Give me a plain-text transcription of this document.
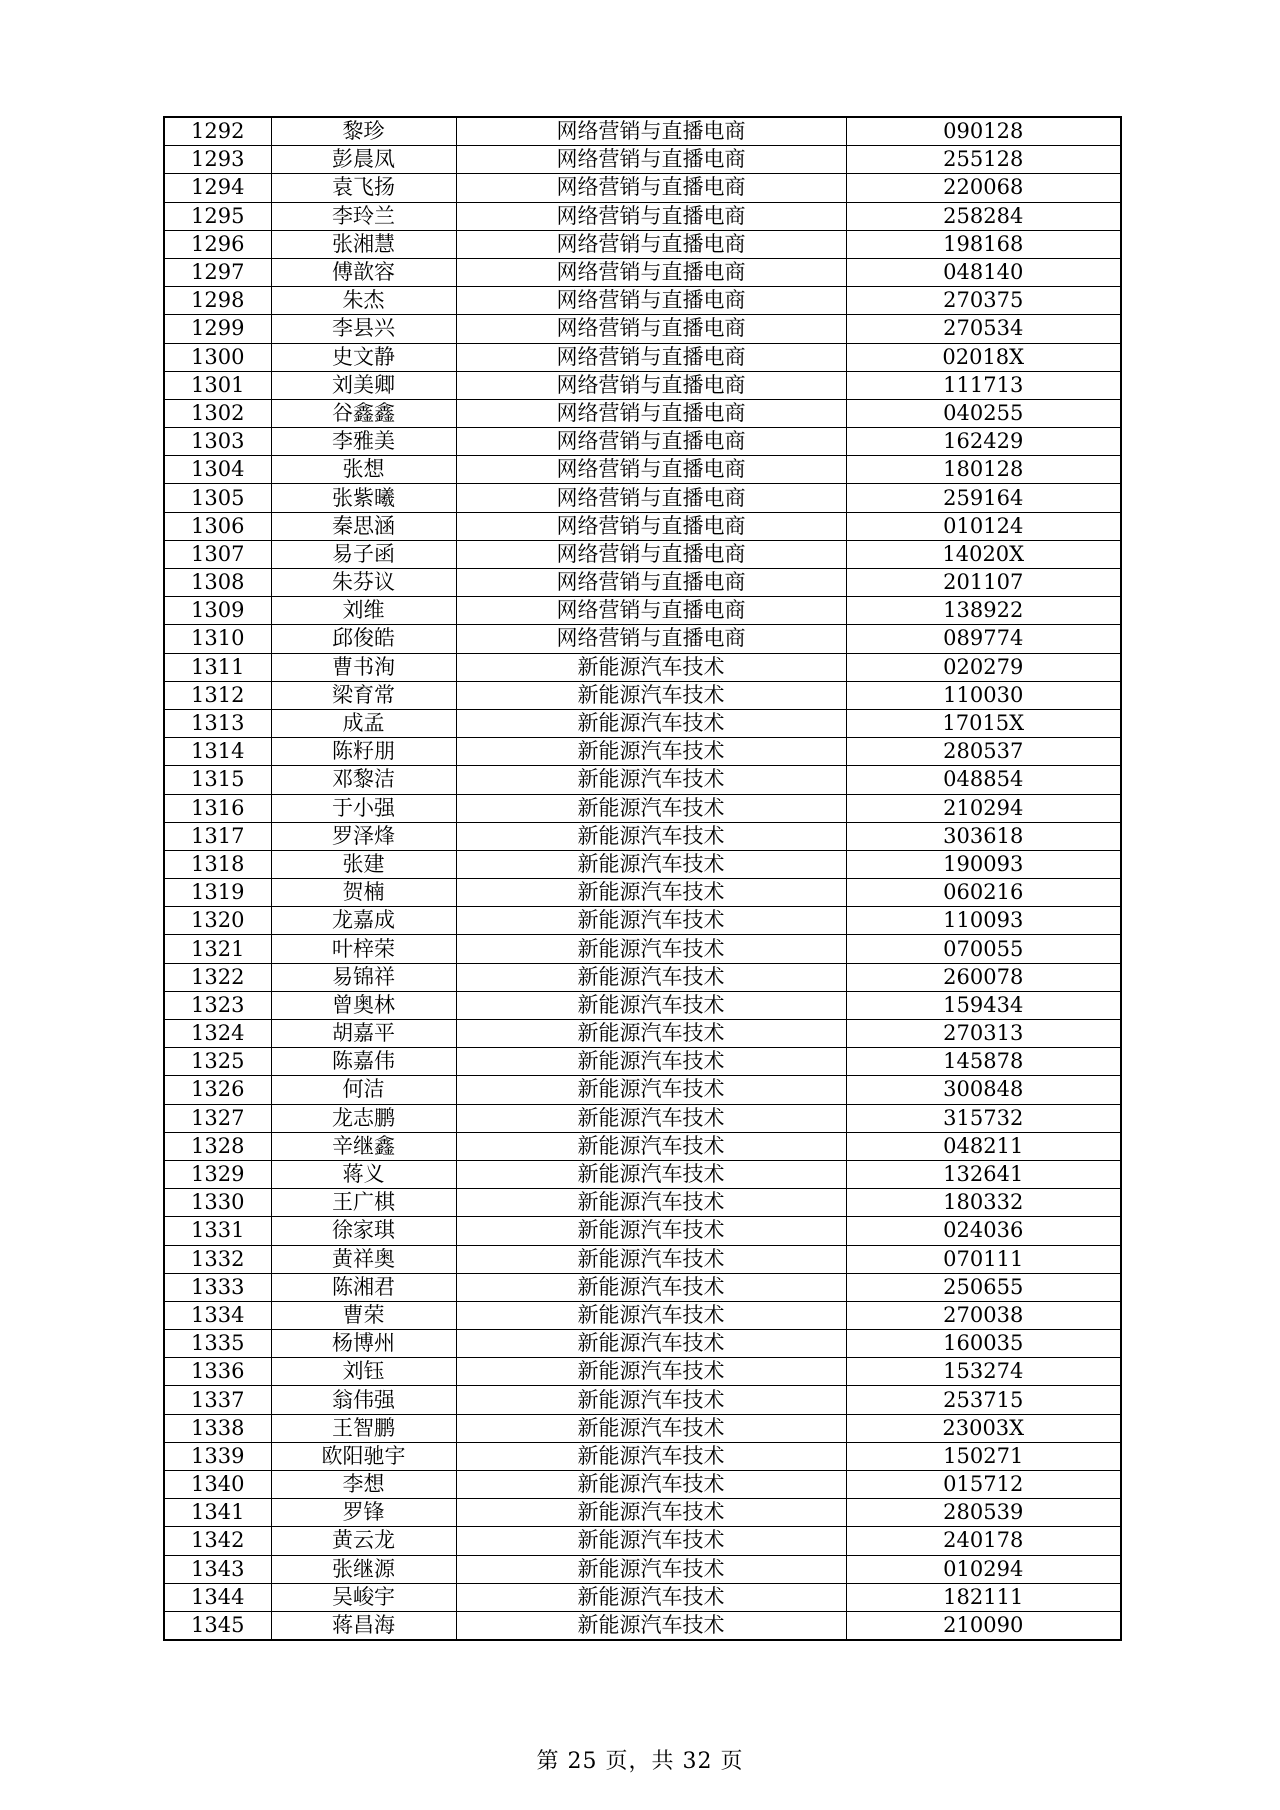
1292	黎珍	网络营销与直播电商	090128
1293	彭晨凤	网络营销与直播电商	255128
1294	袁飞扬	网络营销与直播电商	220068
1295	李玲兰	网络营销与直播电商	258284
1296	张湘慧	网络营销与直播电商	198168
1297	傅歆容	网络营销与直播电商	048140
1298	朱杰	网络营销与直播电商	270375
1299	李县兴	网络营销与直播电商	270534
1300	史文静	网络营销与直播电商	02018X
1301	刘美卿	网络营销与直播电商	111713
1302	谷鑫鑫	网络营销与直播电商	040255
1303	李雅美	网络营销与直播电商	162429
1304	张想	网络营销与直播电商	180128
1305	张紫曦	网络营销与直播电商	259164
1306	秦思涵	网络营销与直播电商	010124
1307	易子函	网络营销与直播电商	14020X
1308	朱芬议	网络营销与直播电商	201107
1309	刘维	网络营销与直播电商	138922
1310	邱俊皓	网络营销与直播电商	089774
1311	曹书洵	新能源汽车技术	020279
1312	梁育常	新能源汽车技术	110030
1313	成孟	新能源汽车技术	17015X
1314	陈籽朋	新能源汽车技术	280537
1315	邓黎洁	新能源汽车技术	048854
1316	于小强	新能源汽车技术	210294
1317	罗泽烽	新能源汽车技术	303618
1318	张建	新能源汽车技术	190093
1319	贺楠	新能源汽车技术	060216
1320	龙嘉成	新能源汽车技术	110093
1321	叶梓荣	新能源汽车技术	070055
1322	易锦祥	新能源汽车技术	260078
1323	曾奥林	新能源汽车技术	159434
1324	胡嘉平	新能源汽车技术	270313
1325	陈嘉伟	新能源汽车技术	145878
1326	何洁	新能源汽车技术	300848
1327	龙志鹏	新能源汽车技术	315732
1328	辛继鑫	新能源汽车技术	048211
1329	蒋义	新能源汽车技术	132641
1330	王广棋	新能源汽车技术	180332
1331	徐家琪	新能源汽车技术	024036
1332	黄祥奥	新能源汽车技术	070111
1333	陈湘君	新能源汽车技术	250655
1334	曹荣	新能源汽车技术	270038
1335	杨博州	新能源汽车技术	160035
1336	刘钰	新能源汽车技术	153274
1337	翁伟强	新能源汽车技术	253715
1338	王智鹏	新能源汽车技术	23003X
1339	欧阳驰宇	新能源汽车技术	150271
1340	李想	新能源汽车技术	015712
1341	罗锋	新能源汽车技术	280539
1342	黄云龙	新能源汽车技术	240178
1343	张继源	新能源汽车技术	010294
1344	吴峻宇	新能源汽车技术	182111
1345	蒋昌海	新能源汽车技术	210090
第 25 页，共 32 页
